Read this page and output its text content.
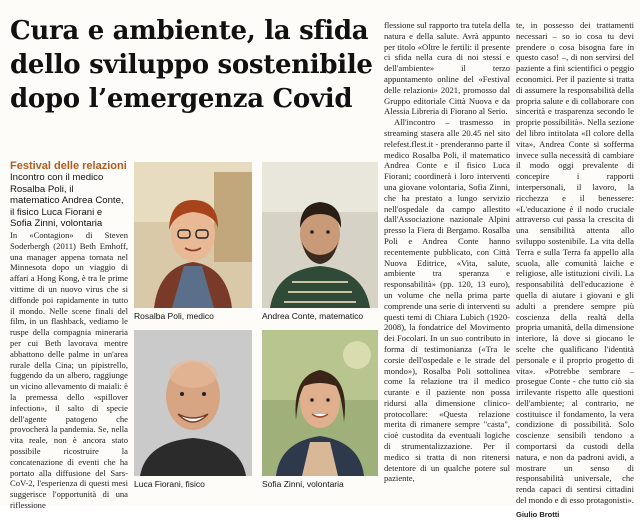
Cura e ambiente, la sfida
dello sviluppo sostenibile
dopo l’emergenza Covid
Festival delle relazioni
Incontro con il medico Rosalba Poli, il matematico Andrea Conte, il fisico Luca Fiorani e Sofia Zinni, volontaria

In «Contagion» di Steven Soderbergh (2011) Beth Emhoff, una manager appena tornata nel Minnesota dopo un viaggio di affari a Hong Kong, è tra le prime vittime di un nuovo virus che si diffonde poi rapidamente in tutto il mondo. Nelle scene finali del film, in un flashback, vediamo le ruspe della compagnia mineraria per cui Beth lavorava mentre abbattono delle palme in un'area rurale della Cina; un pipistrello, fuggendo da un albero, raggiunge un vicino allevamento di maiali: è la premessa dello «spillover infection», il salto di specie dell'agente patogeno che provocherà la pandemia. Se, nella vita reale, non è ancora stato possibile ricostruire la concatenazione di eventi che ha portato alla diffusione del Sars-CoV-2, l'esperienza di questi mesi suggerisce l'opportunità di una riflessione

Rosalba Poli, medico	Andrea Conte, matematico
Luca Fiorani, fisico	Sofia Zinni, volontaria

flessione sul rapporto tra tutela della natura e della salute. Avrà appunto per titolo «Oltre le fertili: il presente ci sfida nella cura di noi stessi e dell'ambiente» il terzo appuntamento online del «Festival delle relazioni» 2021, promosso dal Gruppo editoriale Città Nuova e da Alessia Libreria di Fiorano al Serio.

All'incontro – trasmesso in streaming stasera alle 20.45 nel sito relefest.flest.it - prenderanno parte il medico Rosalba Poli, il matematico Andrea Conte e il fisico Luca Fiorani; coordinerà i loro interventi una giovane volontaria, Sofia Zinni, che ha prestato a lungo servizio nell'ospedale da campo allestito dall'Associazione nazionale Alpini presso la Fiera di Bergamo. Rosalba Poli e Andrea Conte hanno recentemente pubblicato, con Città Nuova Editrice, «Vita, salute, ambiente tra speranza e responsabilità» (pp. 120, 13 euro), un volume che nella prima parte comprende una serie di interventi su questi temi di Chiara Lubich (1920-2008), la fondatrice del Movimento dei Focolari. In un suo contributo in forma di testimonianza («Tra le corsie dell'ospedale e le strade del mondo»), Rosalba Poli sottolinea come la relazione tra il medico curante e il paziente non possa ridursi alla dimensione clinico-protocollare: «Questa relazione merita di rimanere sempre "casta", cioè custodita da eventuali logiche di strumentalizzazione. Per il medico si tratta di non ritenersi detentore di un qualche potere sul paziente,

te, in possesso dei trattamenti necessari – so io cosa tu devi prendere o cosa bisogna fare in questo caso! –, di non servirsi del paziente a fini scientifici o peggio economici. Per il paziente si tratta di assumere la responsabilità della propria salute e di collaborare con sincerità e trasparenza secondo le proprie possibilità». Nella sezione del libro intitolata «Il colore della vita», Andrea Conte si sofferma invece sulla necessità di cambiare il modo oggi prevalente di concepire i rapporti interpersonali, il lavoro, la ricchezza e il benessere: «L'educazione è il nodo cruciale attraverso cui passa la crescita di una sensibilità attenta allo sviluppo sostenibile. La vita della Terra e sulla Terra fa appello alla scuola, alle comunità laiche e religiose, alle istituzioni civili. La responsabilità dell'educazione è quella di aiutare i giovani e gli adulti a prendere sempre più coscienza della realtà della propria umanità, della dimensione interiore, là dove si giocano le scelte che qualificano l'identità personale e il proprio progetto di vita». «Potrebbe sembrare – prosegue Conte - che tutto ciò sia irrilevante rispetto alle questioni dell'ambiente; al contrario, ne costituisce il fondamento, la vera condizione di possibilità. Solo coscienze sensibili tendono a comportarsi da custodi della natura, e non da padroni avidi, a mostrare un senso di responsabilità universale, che renda capaci di sentirsi cittadini del mondo e di esso protagonisti».

Giulio Brotti
